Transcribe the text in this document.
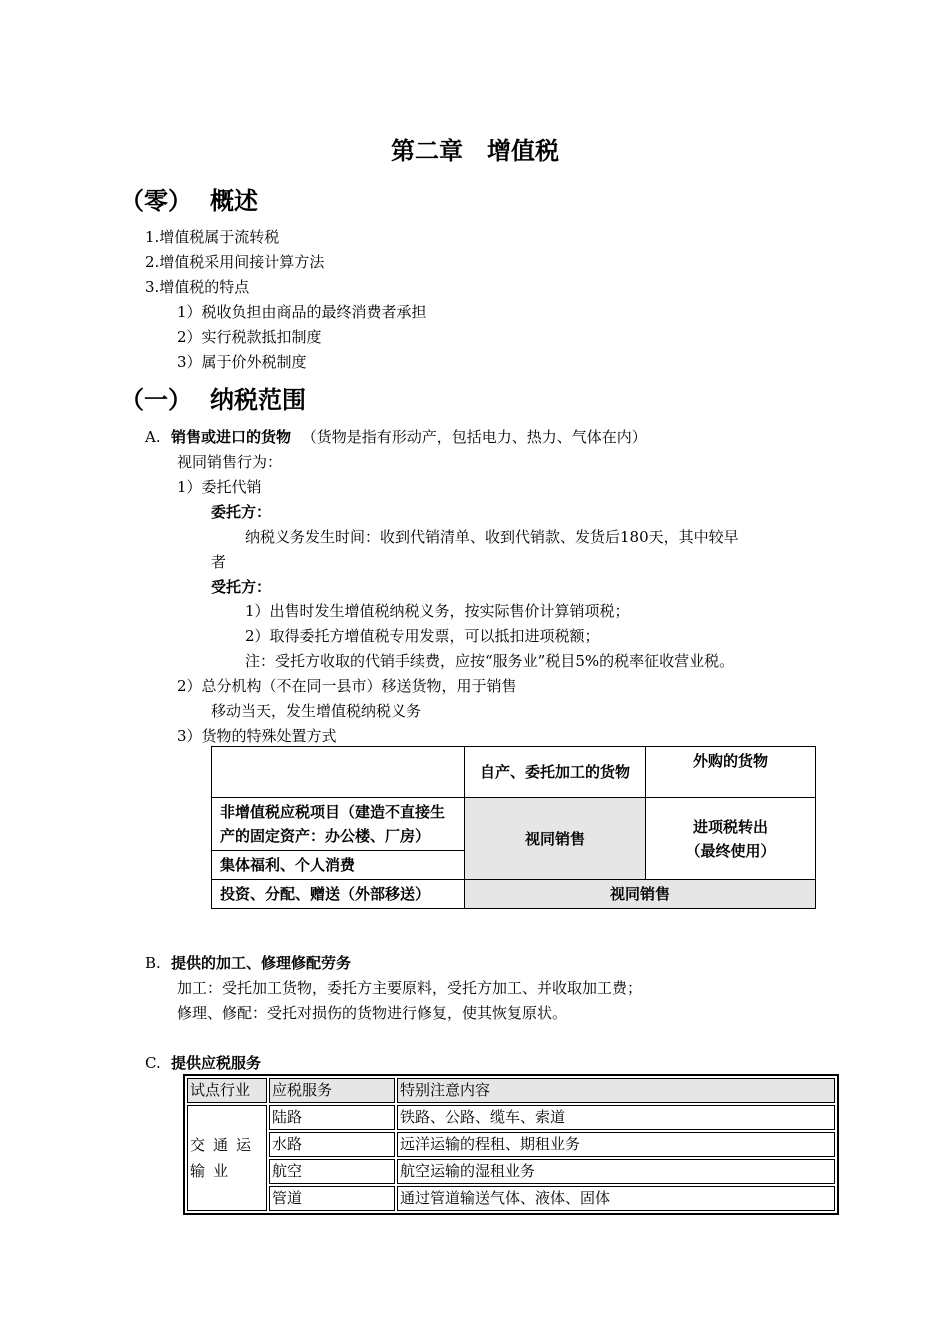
第二章　增值税
（零） 概述
1.增值税属于流转税
2.增值税采用间接计算方法
3.增值税的特点
1）税收负担由商品的最终消费者承担
2）实行税款抵扣制度
3）属于价外税制度
（一） 纳税范围
A. 销售或进口的货物 （货物是指有形动产，包括电力、热力、气体在内）
视同销售行为：
1）委托代销
委托方：
纳税义务发生时间：收到代销清单、收到代销款、发货后180天，其中较早
者
受托方：
1）出售时发生增值税纳税义务，按实际售价计算销项税；
2）取得委托方增值税专用发票，可以抵扣进项税额；
注：受托方收取的代销手续费，应按“服务业”税目5%的税率征收营业税。
2）总分机构（不在同一县市）移送货物，用于销售
移动当天，发生增值税纳税义务
3）货物的特殊处置方式
	自产、委托加工的货物	外购的货物
非增值税应税项目（建造不直接生产的固定资产：办公楼、厂房）	视同销售	进项税转出
（最终使用）

集体福利、个人消费		
投资、分配、赠送（外部移送）	视同销售	
B. 提供的加工、修理修配劳务
加工：受托加工货物，委托方主要原料，受托方加工、并收取加工费；
修理、修配：受托对损伤的货物进行修复，使其恢复原状。
C. 提供应税服务
试点行业	应税服务	特别注意内容
交通运输业	陆路	铁路、公路、缆车、索道
	水路	远洋运输的程租、期租业务
	航空	航空运输的湿租业务
	管道	通过管道输送气体、液体、固体
